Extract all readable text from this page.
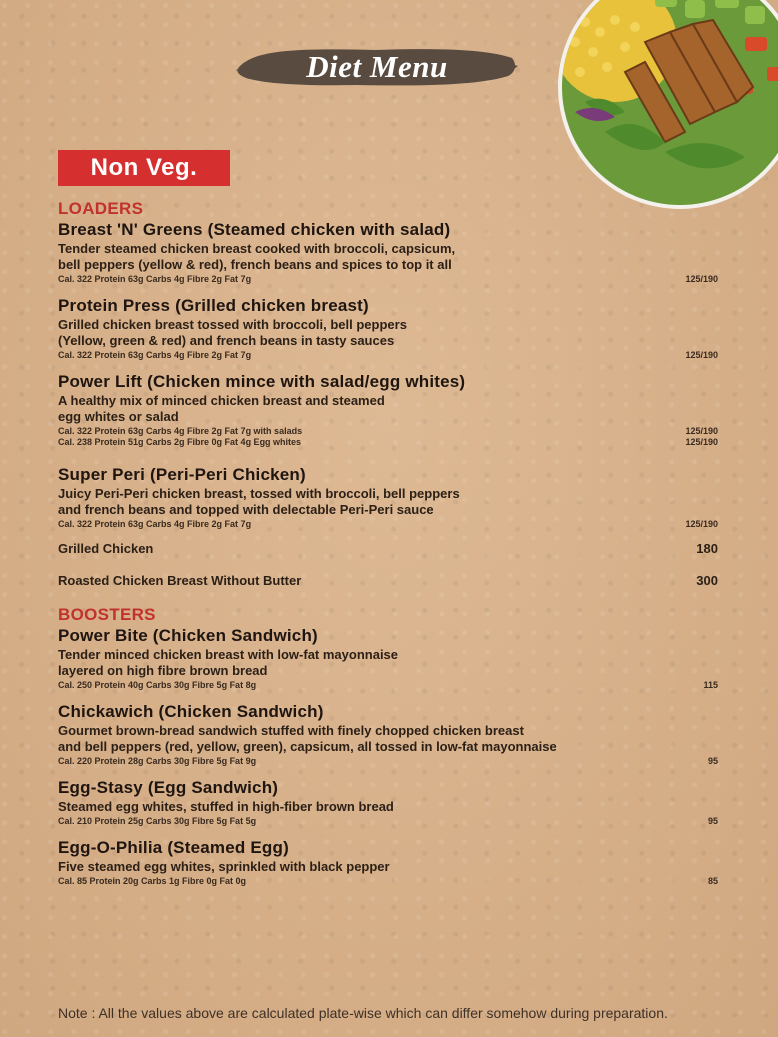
Diet Menu
Non Veg.
LOADERS
Breast 'N' Greens (Steamed chicken with salad)
Tender steamed chicken breast cooked with broccoli, capsicum,
bell peppers (yellow & red), french beans and spices to top it all
Cal. 322 Protein 63g Carbs 4g Fibre 2g Fat 7g	125/190
Protein Press (Grilled chicken breast)
Grilled chicken breast tossed with broccoli, bell peppers
(Yellow, green & red) and french beans in tasty sauces
Cal. 322 Protein 63g Carbs 4g Fibre 2g Fat 7g	125/190
Power Lift (Chicken mince with salad/egg whites)
A healthy mix of minced chicken breast and steamed
egg whites or salad
Cal. 322 Protein 63g Carbs 4g Fibre 2g Fat 7g with salads	125/190
Cal. 238 Protein 51g Carbs 2g Fibre 0g Fat 4g Egg whites	125/190
Super Peri (Peri-Peri Chicken)
Juicy Peri-Peri chicken breast, tossed with broccoli, bell peppers
and french beans and topped with delectable Peri-Peri sauce
Cal. 322 Protein 63g Carbs 4g Fibre 2g Fat 7g	125/190
Grilled Chicken	180
Roasted Chicken Breast Without Butter	300
BOOSTERS
Power Bite (Chicken Sandwich)
Tender minced chicken breast with low-fat mayonnaise
layered on high fibre brown bread
Cal. 250 Protein 40g Carbs 30g Fibre 5g Fat 8g	115
Chickawich (Chicken Sandwich)
Gourmet brown-bread sandwich stuffed with finely chopped chicken breast
and bell peppers (red, yellow, green), capsicum, all tossed in low-fat mayonnaise
Cal. 220 Protein 28g Carbs 30g Fibre 5g Fat 9g	95
Egg-Stasy (Egg Sandwich)
Steamed egg whites, stuffed in high-fiber brown bread
Cal. 210 Protein 25g Carbs 30g Fibre 5g Fat 5g	95
Egg-O-Philia (Steamed Egg)
Five steamed egg whites, sprinkled with black pepper
Cal. 85 Protein 20g Carbs 1g Fibre 0g Fat 0g	85
Note : All the values above are calculated plate-wise which can differ somehow during preparation.
